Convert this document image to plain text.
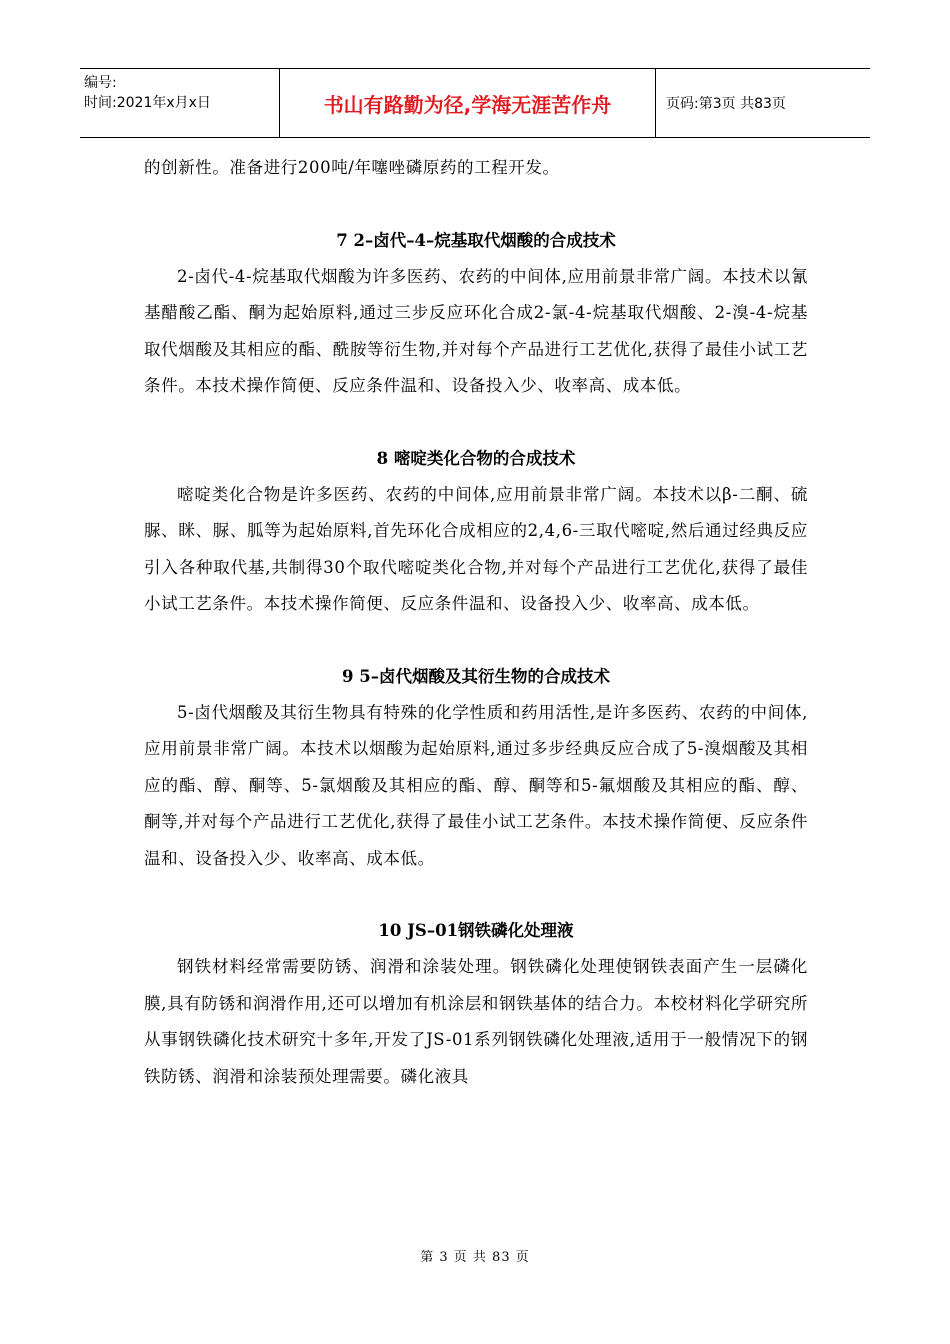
编号:
时间:2021年x月x日	书山有路勤为径,学海无涯苦作舟	页码:第3页 共83页

的创新性。准备进行200吨/年噻唑磷原药的工程开发。

7 2–卤代–4–烷基取代烟酸的合成技术

2-卤代-4-烷基取代烟酸为许多医药、农药的中间体,应用前景非常广阔。本技术以氰基醋酸乙酯、酮为起始原料,通过三步反应环化合成2-氯-4-烷基取代烟酸、2-溴-4-烷基取代烟酸及其相应的酯、酰胺等衍生物,并对每个产品进行工艺优化,获得了最佳小试工艺条件。本技术操作简便、反应条件温和、设备投入少、收率高、成本低。

8 嘧啶类化合物的合成技术

嘧啶类化合物是许多医药、农药的中间体,应用前景非常广阔。本技术以β-二酮、硫脲、眯、脲、胍等为起始原料,首先环化合成相应的2,4,6-三取代嘧啶,然后通过经典反应引入各种取代基,共制得30个取代嘧啶类化合物,并对每个产品进行工艺优化,获得了最佳小试工艺条件。本技术操作简便、反应条件温和、设备投入少、收率高、成本低。

9 5–卤代烟酸及其衍生物的合成技术

5-卤代烟酸及其衍生物具有特殊的化学性质和药用活性,是许多医药、农药的中间体,应用前景非常广阔。本技术以烟酸为起始原料,通过多步经典反应合成了5-溴烟酸及其相应的酯、醇、酮等、5-氯烟酸及其相应的酯、醇、酮等和5-氟烟酸及其相应的酯、醇、酮等,并对每个产品进行工艺优化,获得了最佳小试工艺条件。本技术操作简便、反应条件温和、设备投入少、收率高、成本低。

10 JS–01钢铁磷化处理液

钢铁材料经常需要防锈、润滑和涂装处理。钢铁磷化处理使钢铁表面产生一层磷化膜,具有防锈和润滑作用,还可以增加有机涂层和钢铁基体的结合力。本校材料化学研究所从事钢铁磷化技术研究十多年,开发了JS-01系列钢铁磷化处理液,适用于一般情况下的钢铁防锈、润滑和涂装预处理需要。磷化液具

第 3 页 共 83 页
